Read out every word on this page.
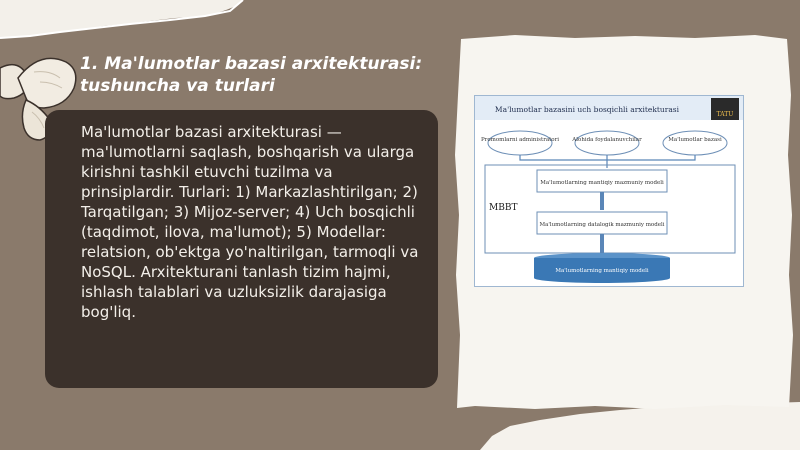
1. Ma'lumotlar bazasi arxitekturasi: tushuncha va turlari

Ma'lumotlar bazasi arxitekturasi — ma'lumotlarni saqlash, boshqarish va ularga kirishni tashkil etuvchi tuzilma va prinsiplardir. Turlari: 1) Markazlashtirilgan; 2) Tarqatilgan; 3) Mijoz-server; 4) Uch bosqichli (taqdimot, ilova, ma'lumot); 5) Modellar: relatsion, ob'ektga yo'naltirilgan, tarmoqli va NoSQL. Arxitekturani tanlash tizim hajmi, ishlash talablari va uzluksizlik darajasiga bog'liq.

Ma'lumotlar bazasini uch bosqichli arxitekturasi
TATU
Promomlarni administratori Alohida foydalanuvchilar	Ma'lumotlar bazasi
MBBT
Ma'lumotlarning mantiqiy mazmuniy modeli
Ma'lumotlarning datalogik mazmuniy modeli
Ma'lumotlarning mantiqiy modeli
